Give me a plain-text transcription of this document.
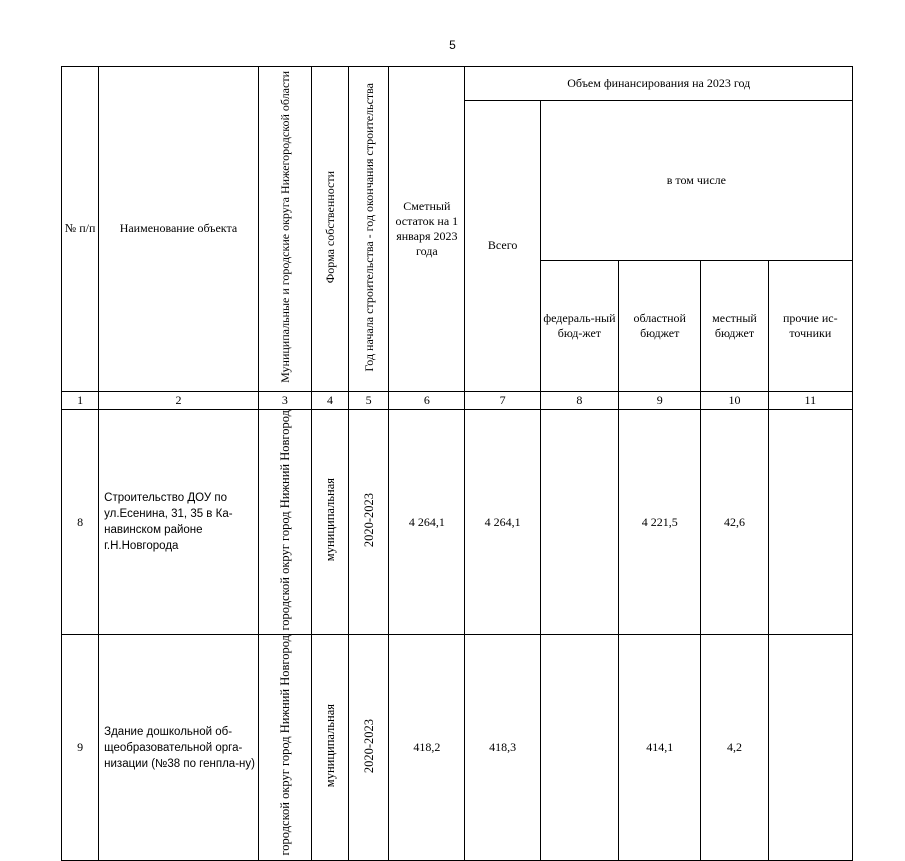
5
№ п/п	Наименование объекта	Муниципальные и городские округа Нижегородской области	Форма собственности	Год начала строительства - год окончания строительства	Сметный остаток на 1 января 2023 года	Объем финансирования на 2023 год				
						Всего	в том числе			
							федераль-ный бюд-жет	областной бюджет	местный бюджет	прочие ис-точники
1	2	3	4	5	6	7	8	9	10	11
8	Строительство ДОУ по ул.Есенина, 31, 35 в Ка-навинском районе г.Н.Новгорода	городской округ город Нижний Новгород	муниципальная	2020-2023	4 264,1	4 264,1		4 221,5	42,6	
9	Здание дошкольной об-щеобразовательной орга-низации (№38 по генпла-ну)	городской округ город Нижний Новгород	муниципальная	2020-2023	418,2	418,3		414,1	4,2	
